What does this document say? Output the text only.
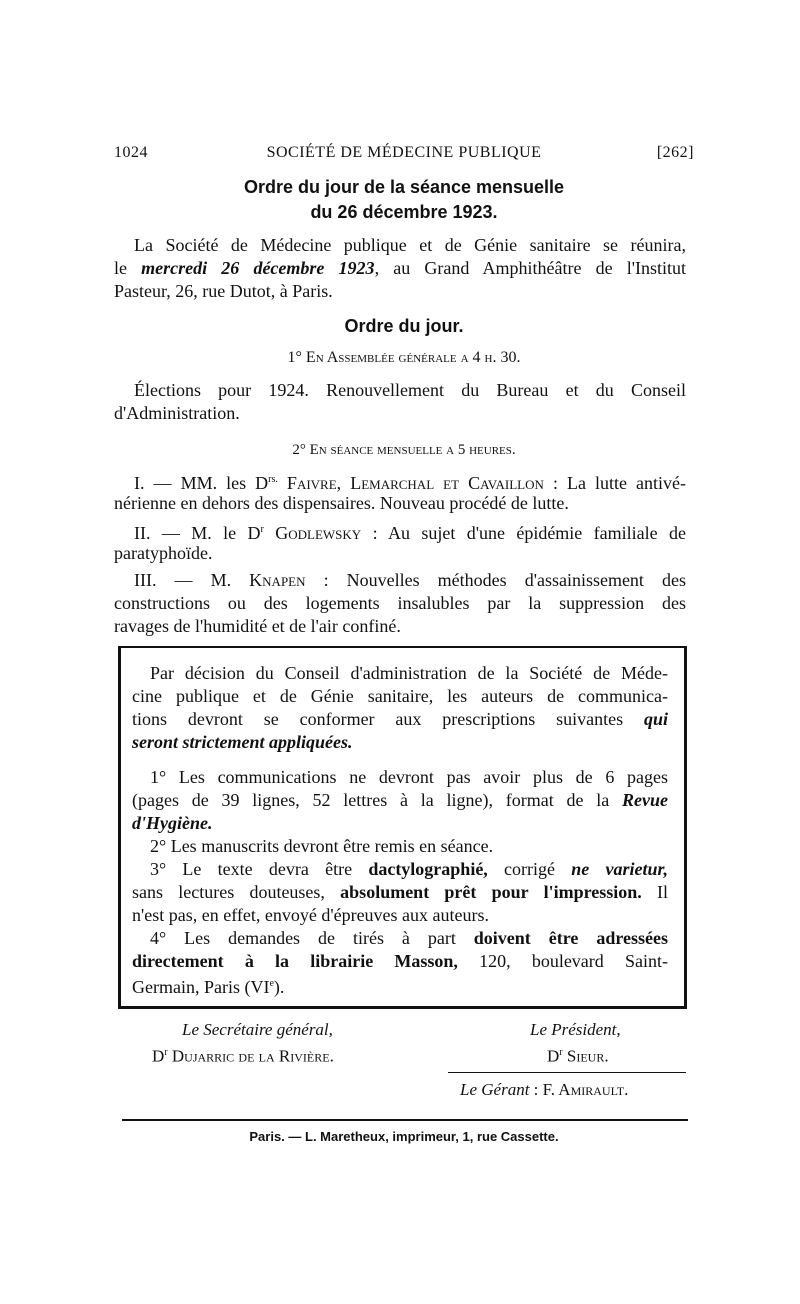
1024	SOCIÉTÉ DE MÉDECINE PUBLIQUE	[262]
Ordre du jour de la séance mensuelle
du 26 décembre 1923.
La Société de Médecine publique et de Génie sanitaire se réunira,
le mercredi 26 décembre 1923, au Grand Amphithéâtre de l'Institut
Pasteur, 26, rue Dutot, à Paris.
Ordre du jour.
1° En Assemblée générale a 4 h. 30.
Élections pour 1924. Renouvellement du Bureau et du Conseil
d'Administration.
2° En séance mensuelle a 5 heures.
I. — MM. les $D^{rs.}$ Faivre, Lemarchal et Cavaillon : La lutte antivé-
nérienne en dehors des dispensaires. Nouveau procédé de lutte.
II. — M. le $D^r$ Godlewsky : Au sujet d'une épidémie familiale de
paratyphoïde.
III. — M. Knapen : Nouvelles méthodes d'assainissement des
constructions ou des logements insalubles par la suppression des
ravages de l'humidité et de l'air confiné.
Par décision du Conseil d'administration de la Société de Méde-
cine publique et de Génie sanitaire, les auteurs de communica-
tions devront se conformer aux prescriptions suivantes qui
seront strictement appliquées.
1° Les communications ne devront pas avoir plus de 6 pages
(pages de 39 lignes, 52 lettres à la ligne), format de la Revue
d'Hygiène.
2° Les manuscrits devront être remis en séance.
3° Le texte devra être dactylographié, corrigé ne varietur,
sans lectures douteuses, absolument prêt pour l'impression. Il
n'est pas, en effet, envoyé d'épreuves aux auteurs.
4° Les demandes de tirés à part doivent être adressées
directement à la librairie Masson, 120, boulevard Saint-
Germain, Paris (VIe).
Le Secrétaire général,
$D^r$ Dujarric de la Rivière.
Le Président,
$D^r$ Sieur.
Le Gérant : F. Amirault.
Paris. — L. Maretheux, imprimeur, 1, rue Cassette.
